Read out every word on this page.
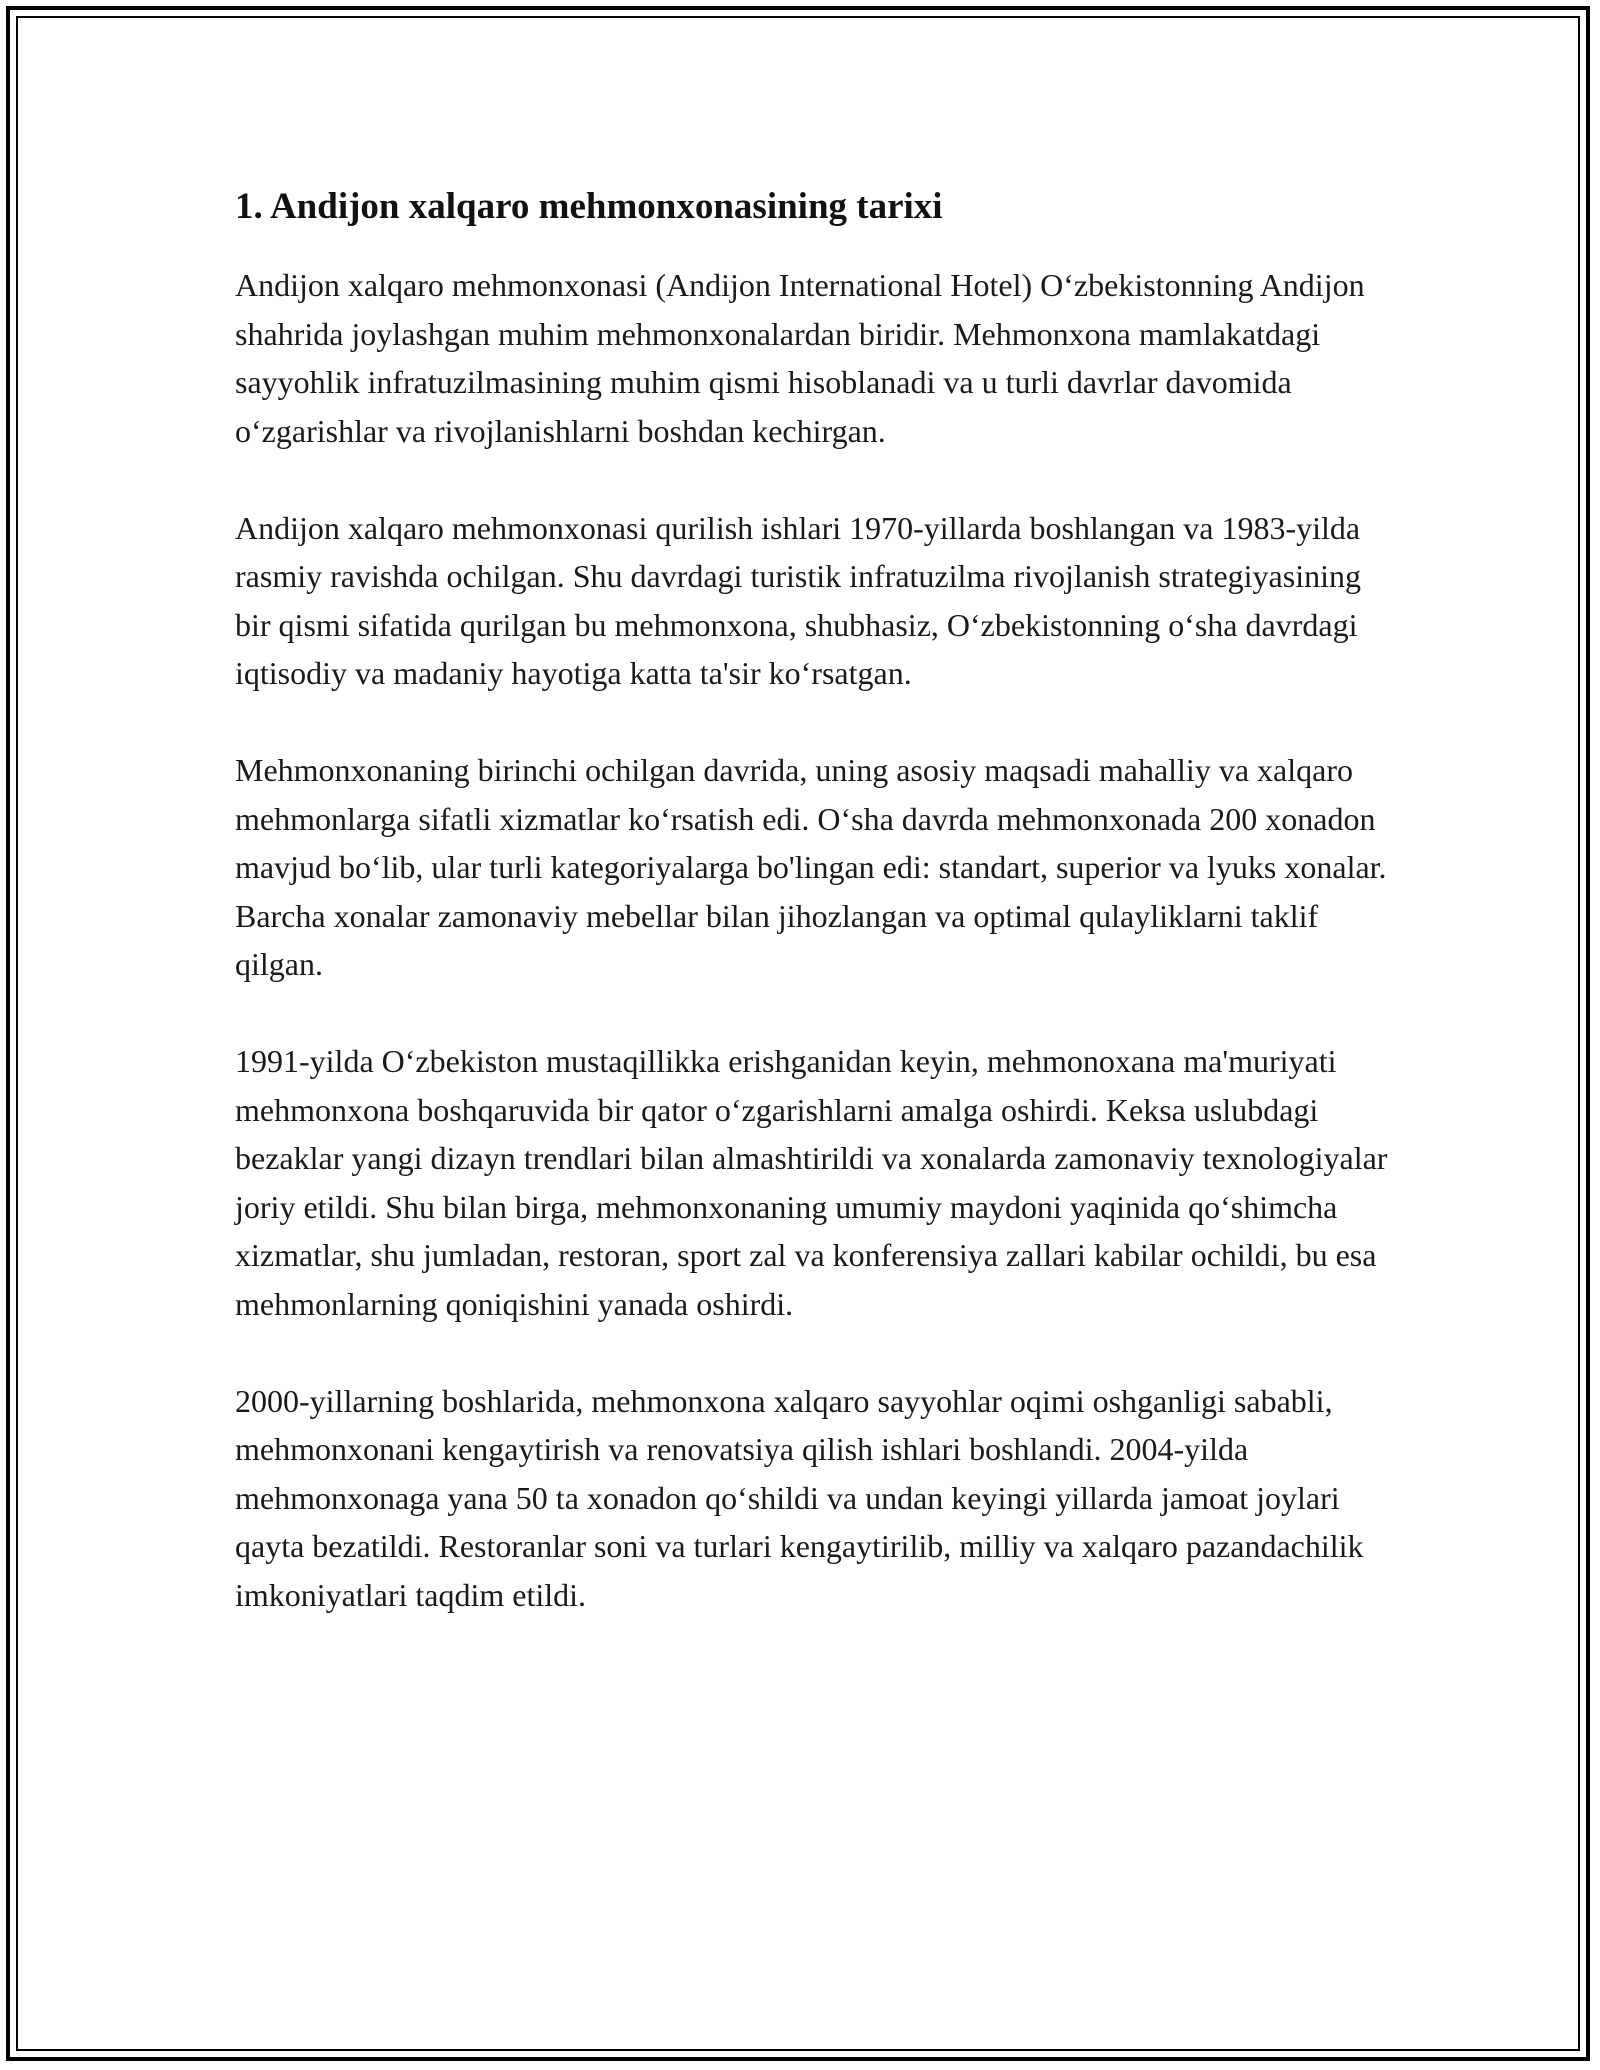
1. Andijon xalqaro mehmonxonasining tarixi

Andijon xalqaro mehmonxonasi (Andijon International Hotel) O‘zbekistonning Andijon shahrida joylashgan muhim mehmonxonalardan biridir. Mehmonxona mamlakatdagi sayyohlik infratuzilmasining muhim qismi hisoblanadi va u turli davrlar davomida o‘zgarishlar va rivojlanishlarni boshdan kechirgan.

Andijon xalqaro mehmonxonasi qurilish ishlari 1970-yillarda boshlangan va 1983-yilda rasmiy ravishda ochilgan. Shu davrdagi turistik infratuzilma rivojlanish strategiyasining bir qismi sifatida qurilgan bu mehmonxona, shubhasiz, O‘zbekistonning o‘sha davrdagi iqtisodiy va madaniy hayotiga katta ta'sir ko‘rsatgan.

Mehmonxonaning birinchi ochilgan davrida, uning asosiy maqsadi mahalliy va xalqaro mehmonlarga sifatli xizmatlar ko‘rsatish edi. O‘sha davrda mehmonxonada 200 xonadon mavjud bo‘lib, ular turli kategoriyalarga bo'lingan edi: standart, superior va lyuks xonalar. Barcha xonalar zamonaviy mebellar bilan jihozlangan va optimal qulayliklarni taklif qilgan.

1991-yilda O‘zbekiston mustaqillikka erishganidan keyin, mehmonoxana ma'muriyati mehmonxona boshqaruvida bir qator o‘zgarishlarni amalga oshirdi. Keksa uslubdagi bezaklar yangi dizayn trendlari bilan almashtirildi va xonalarda zamonaviy texnologiyalar joriy etildi. Shu bilan birga, mehmonxonaning umumiy maydoni yaqinida qo‘shimcha xizmatlar, shu jumladan, restoran, sport zal va konferensiya zallari kabilar ochildi, bu esa mehmonlarning qoniqishini yanada oshirdi.

2000-yillarning boshlarida, mehmonxona xalqaro sayyohlar oqimi oshganligi sababli, mehmonxonani kengaytirish va renovatsiya qilish ishlari boshlandi. 2004-yilda mehmonxonaga yana 50 ta xonadon qo‘shildi va undan keyingi yillarda jamoat joylari qayta bezatildi. Restoranlar soni va turlari kengaytirilib, milliy va xalqaro pazandachilik imkoniyatlari taqdim etildi.
